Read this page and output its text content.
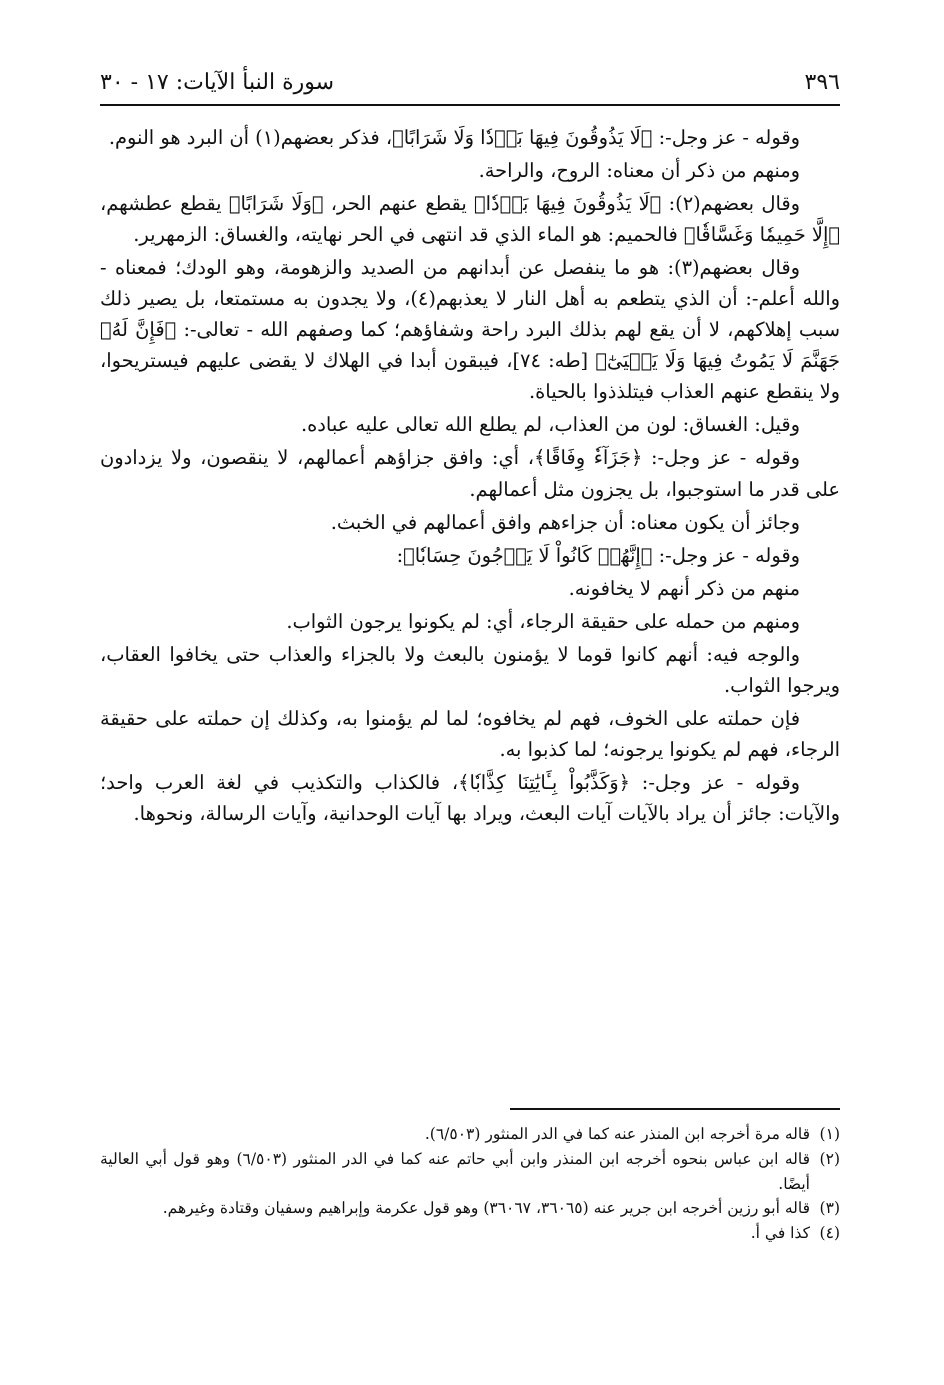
٣٩٦
سورة النبأ الآيات: ١٧ - ٣٠

وقوله - عز وجل-: ﴿لَا يَذُوقُونَ فِيهَا بَرۡدٗا وَلَا شَرَابًا﴾، فذكر بعضهم(١) أن البرد هو النوم.

ومنهم من ذكر أن معناه: الروح، والراحة.

وقال بعضهم(٢): ﴿لَا يَذُوقُونَ فِيهَا بَرۡدٗا﴾ يقطع عنهم الحر، ﴿وَلَا شَرَابًا﴾ يقطع عطشهم، ﴿إِلَّا حَمِيمٗا وَغَسَّاقٗا﴾ فالحميم: هو الماء الذي قد انتهى في الحر نهايته، والغساق: الزمهرير.

وقال بعضهم(٣): هو ما ينفصل عن أبدانهم من الصديد والزهومة، وهو الودك؛ فمعناه - والله أعلم-: أن الذي يتطعم به أهل النار لا يعذبهم(٤)، ولا يجدون به مستمتعا، بل يصير ذلك سبب إهلاكهم، لا أن يقع لهم بذلك البرد راحة وشفاؤهم؛ كما وصفهم الله - تعالى-: ﴿فَإِنَّ لَهُۥ جَهَنَّمَ لَا يَمُوتُ فِيهَا وَلَا يَحۡيَىٰٓ﴾ [طه: ٧٤]، فيبقون أبدا في الهلاك لا يقضى عليهم فيستريحوا، ولا ينقطع عنهم العذاب فيتلذذوا بالحياة.

وقيل: الغساق: لون من العذاب، لم يطلع الله تعالى عليه عباده.

وقوله - عز وجل-: ﴿جَزَآءٗ وِفَاقًا﴾، أي: وافق جزاؤهم أعمالهم، لا ينقصون، ولا يزدادون على قدر ما استوجبوا، بل يجزون مثل أعمالهم.

وجائز أن يكون معناه: أن جزاءهم وافق أعمالهم في الخبث.

وقوله - عز وجل-: ﴿إِنَّهُمۡ كَانُواْ لَا يَرۡجُونَ حِسَابٗا﴾:

منهم من ذكر أنهم لا يخافونه.

ومنهم من حمله على حقيقة الرجاء، أي: لم يكونوا يرجون الثواب.

والوجه فيه: أنهم كانوا قوما لا يؤمنون بالبعث ولا بالجزاء والعذاب حتى يخافوا العقاب، ويرجوا الثواب.

فإن حملته على الخوف، فهم لم يخافوه؛ لما لم يؤمنوا به، وكذلك إن حملته على حقيقة الرجاء، فهم لم يكونوا يرجونه؛ لما كذبوا به.

وقوله - عز وجل-: ﴿وَكَذَّبُواْ بِـَٔايَٰتِنَا كِذَّابٗا﴾، فالكذاب والتكذيب في لغة العرب واحد؛ والآيات: جائز أن يراد بالآيات آيات البعث، ويراد بها آيات الوحدانية، وآيات الرسالة، ونحوها.

(١)
قاله مرة أخرجه ابن المنذر عنه كما في الدر المنثور (٦/٥٠٣).
(٢)
قاله ابن عباس بنحوه أخرجه ابن المنذر وابن أبي حاتم عنه كما في الدر المنثور (٦/٥٠٣) وهو قول أبي العالية أيضًا.
(٣)
قاله أبو رزين أخرجه ابن جرير عنه (٣٦٠٦٥، ٣٦٠٦٧) وهو قول عكرمة وإبراهيم وسفيان وقتادة وغيرهم.
(٤)
كذا في أ.
